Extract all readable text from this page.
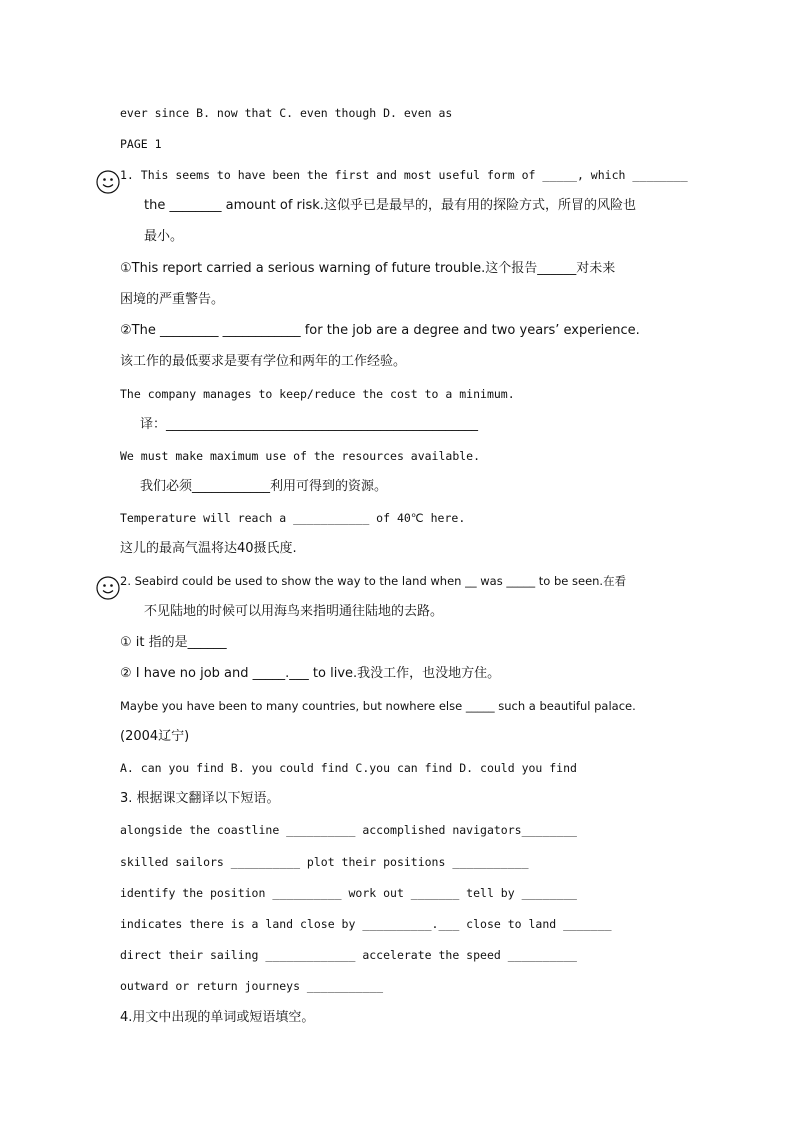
ever since B. now that C. even though D. even as
PAGE 1
1. This seems to have been the first and most useful form of _____, which ________
the ________ amount of risk.这似乎已是最早的，最有用的探险方式，所冒的风险也
最小。
①This report carried a serious warning of future trouble.这个报告______对未来
困境的严重警告。
②The _________ ____________ for the job are a degree and two years’ experience.
该工作的最低要求是要有学位和两年的工作经验。
The company manages to keep/reduce the cost to a minimum.
译：________________________________________________
We must make maximum use of the resources available.
我们必须____________利用可得到的资源。
Temperature will reach a ___________ of 40℃ here.
这儿的最高气温将达40摄氏度.
2. Seabird could be used to show the way to the land when __ was _____ to be seen.在看
不见陆地的时候可以用海鸟来指明通往陆地的去路。
① it 指的是______
② I have no job and _____.___ to live.我没工作，也没地方住。
Maybe you have been to many countries, but nowhere else _____ such a beautiful palace.
(2004辽宁)
A. can you find B. you could find C.you can find D. could you find
3. 根据课文翻译以下短语。
alongside the coastline __________ accomplished navigators________
skilled sailors __________ plot their positions ___________
identify the position __________ work out _______ tell by ________
indicates there is a land close by __________.___ close to land _______
direct their sailing _____________ accelerate the speed __________
outward or return journeys ___________
4.用文中出现的单词或短语填空。
